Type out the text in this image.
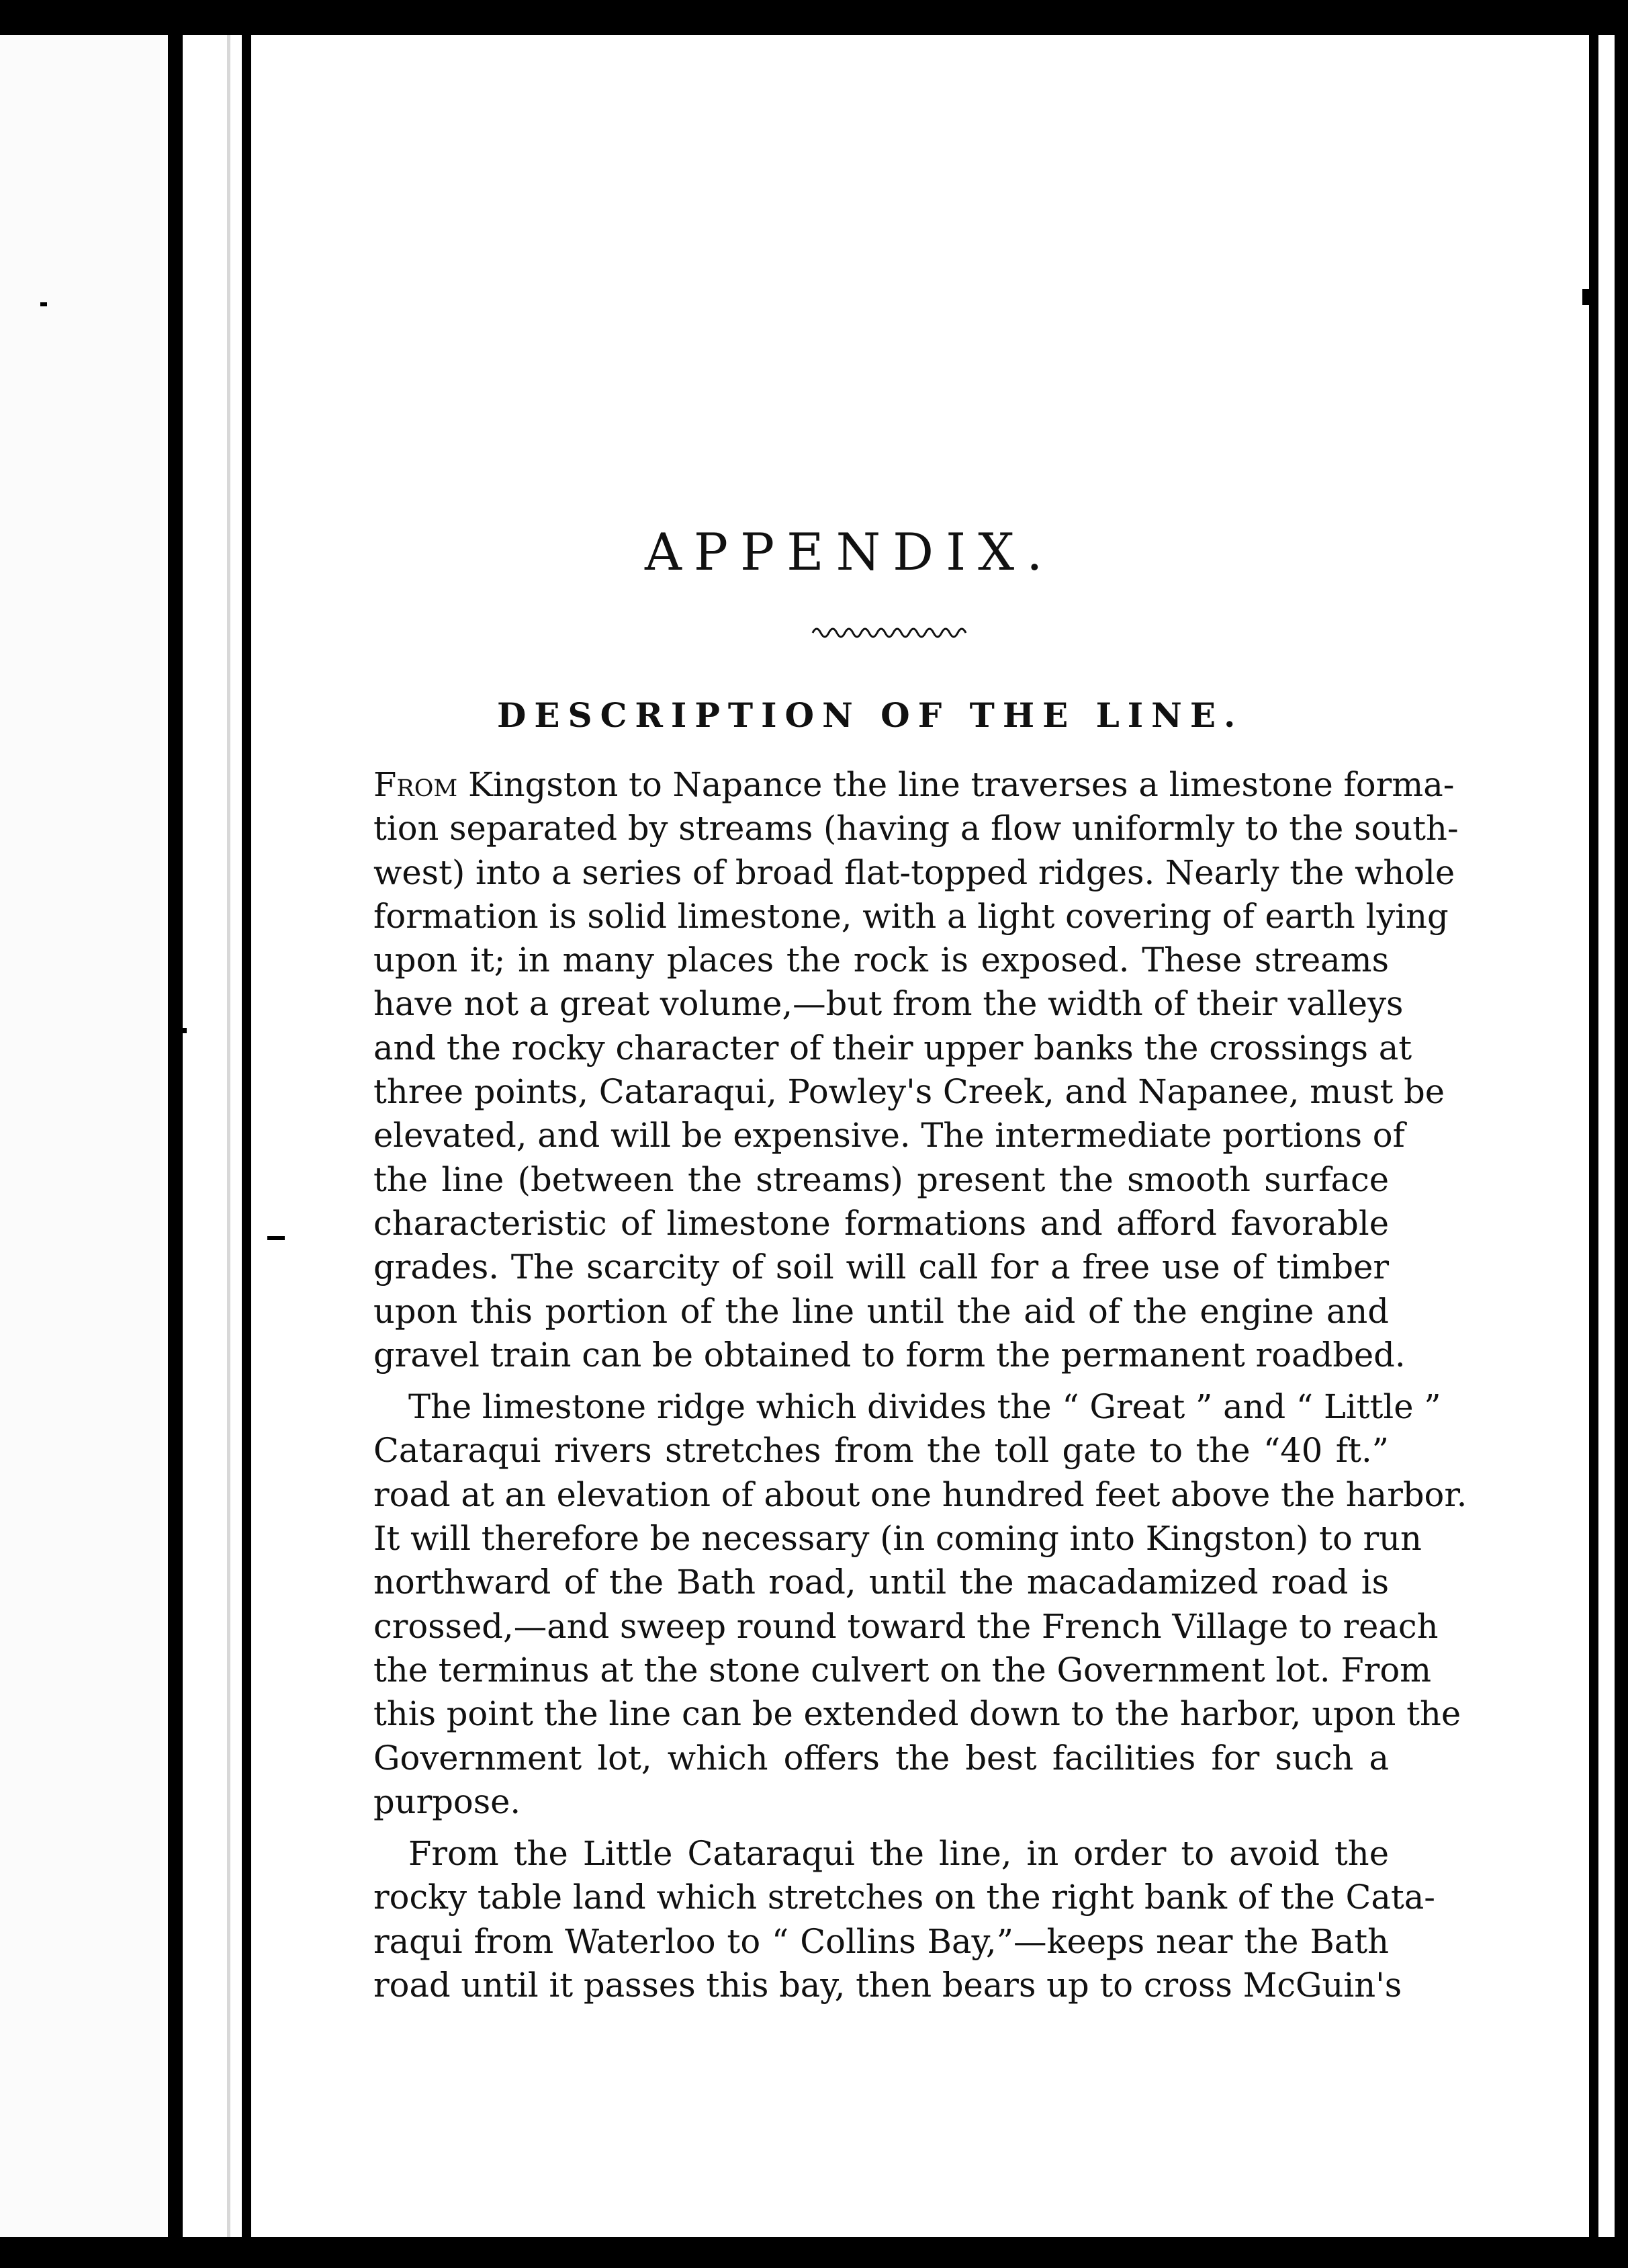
APPENDIX.
DESCRIPTION OF THE LINE.

From Kingston to Napance the line traverses a limestone forma-
tion separated by streams (having a flow uniformly to the south-
west) into a series of broad flat-topped ridges. Nearly the whole
formation is solid limestone, with a light covering of earth lying
upon it; in many places the rock is exposed. These streams
have not a great volume,—but from the width of their valleys
and the rocky character of their upper banks the crossings at
three points, Cataraqui, Powley's Creek, and Napanee, must be
elevated, and will be expensive. The intermediate portions of
the line (between the streams) present the smooth surface
characteristic of limestone formations and afford favorable
grades. The scarcity of soil will call for a free use of timber
upon this portion of the line until the aid of the engine and
gravel train can be obtained to form the permanent roadbed.

The limestone ridge which divides the “ Great ” and “ Little ”
Cataraqui rivers stretches from the toll gate to the “40 ft.”
road at an elevation of about one hundred feet above the harbor.
It will therefore be necessary (in coming into Kingston) to run
northward of the Bath road, until the macadamized road is
crossed,—and sweep round toward the French Village to reach
the terminus at the stone culvert on the Government lot. From
this point the line can be extended down to the harbor, upon the
Government lot, which offers the best facilities for such a
purpose.

From the Little Cataraqui the line, in order to avoid the
rocky table land which stretches on the right bank of the Cata-
raqui from Waterloo to “ Collins Bay,”—keeps near the Bath
road until it passes this bay, then bears up to cross McGuin's
